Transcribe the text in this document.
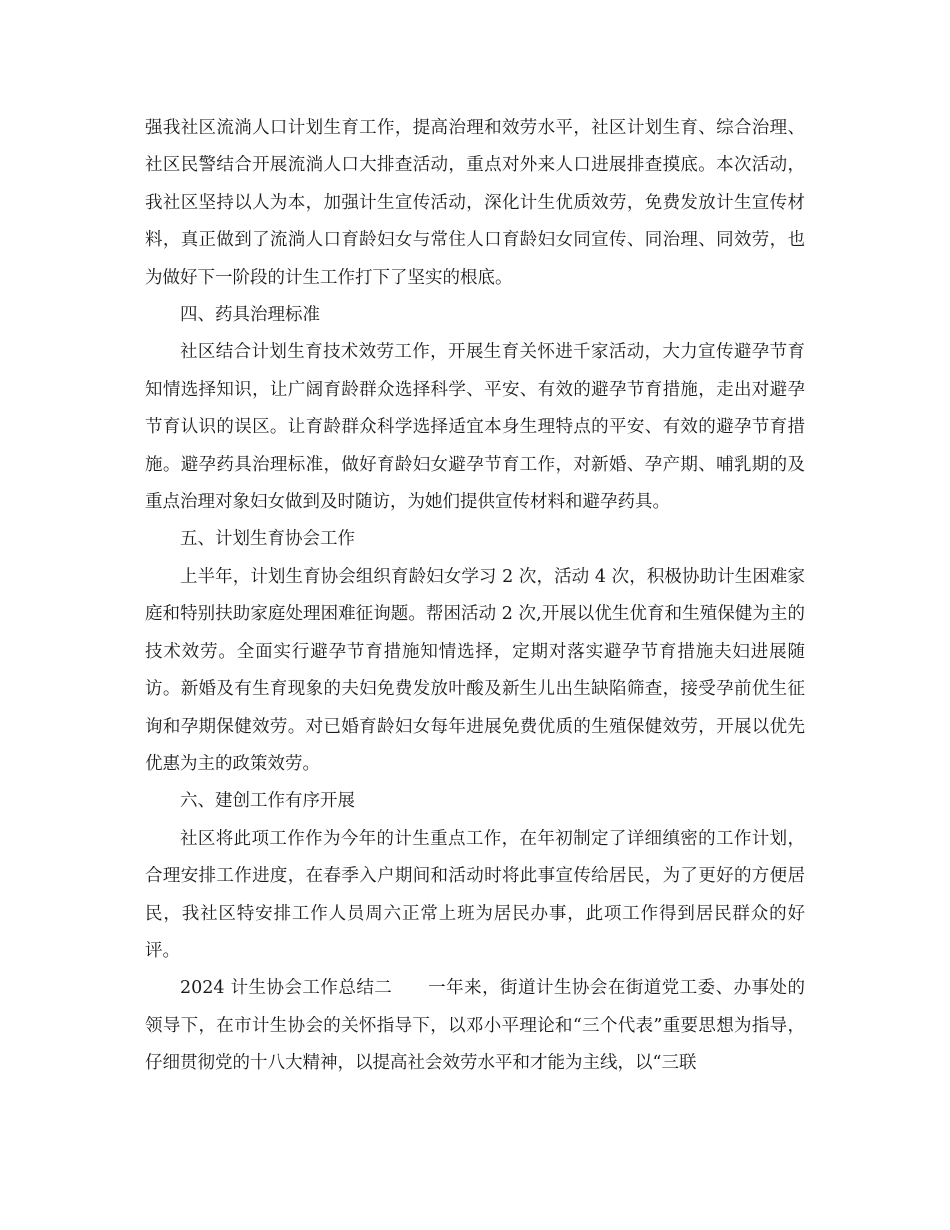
强我社区流淌人口计划生育工作，提高治理和效劳水平，社区计划生育、综合治理、社区民警结合开展流淌人口大排查活动，重点对外来人口进展排查摸底。本次活动，我社区坚持以人为本，加强计生宣传活动，深化计生优质效劳，免费发放计生宣传材料，真正做到了流淌人口育龄妇女与常住人口育龄妇女同宣传、同治理、同效劳，也为做好下一阶段的计生工作打下了坚实的根底。

四、药具治理标准

社区结合计划生育技术效劳工作，开展生育关怀进千家活动，大力宣传避孕节育知情选择知识，让广阔育龄群众选择科学、平安、有效的避孕节育措施，走出对避孕节育认识的误区。让育龄群众科学选择适宜本身生理特点的平安、有效的避孕节育措施。避孕药具治理标准，做好育龄妇女避孕节育工作，对新婚、孕产期、哺乳期的及重点治理对象妇女做到及时随访，为她们提供宣传材料和避孕药具。

五、计划生育协会工作

上半年，计划生育协会组织育龄妇女学习 2 次，活动 4 次，积极协助计生困难家庭和特别扶助家庭处理困难征询题。帮困活动 2 次,开展以优生优育和生殖保健为主的技术效劳。全面实行避孕节育措施知情选择，定期对落实避孕节育措施夫妇进展随访。新婚及有生育现象的夫妇免费发放叶酸及新生儿出生缺陷筛查，接受孕前优生征询和孕期保健效劳。对已婚育龄妇女每年进展免费优质的生殖保健效劳，开展以优先优惠为主的政策效劳。

六、建创工作有序开展

社区将此项工作作为今年的计生重点工作，在年初制定了详细缜密的工作计划，合理安排工作进度，在春季入户期间和活动时将此事宣传给居民，为了更好的方便居民，我社区特安排工作人员周六正常上班为居民办事，此项工作得到居民群众的好评。

2024 计生协会工作总结二　　一年来，街道计生协会在街道党工委、办事处的领导下，在市计生协会的关怀指导下，以邓小平理论和“三个代表”重要思想为指导，仔细贯彻党的十八大精神，以提高社会效劳水平和才能为主线，以“三联
